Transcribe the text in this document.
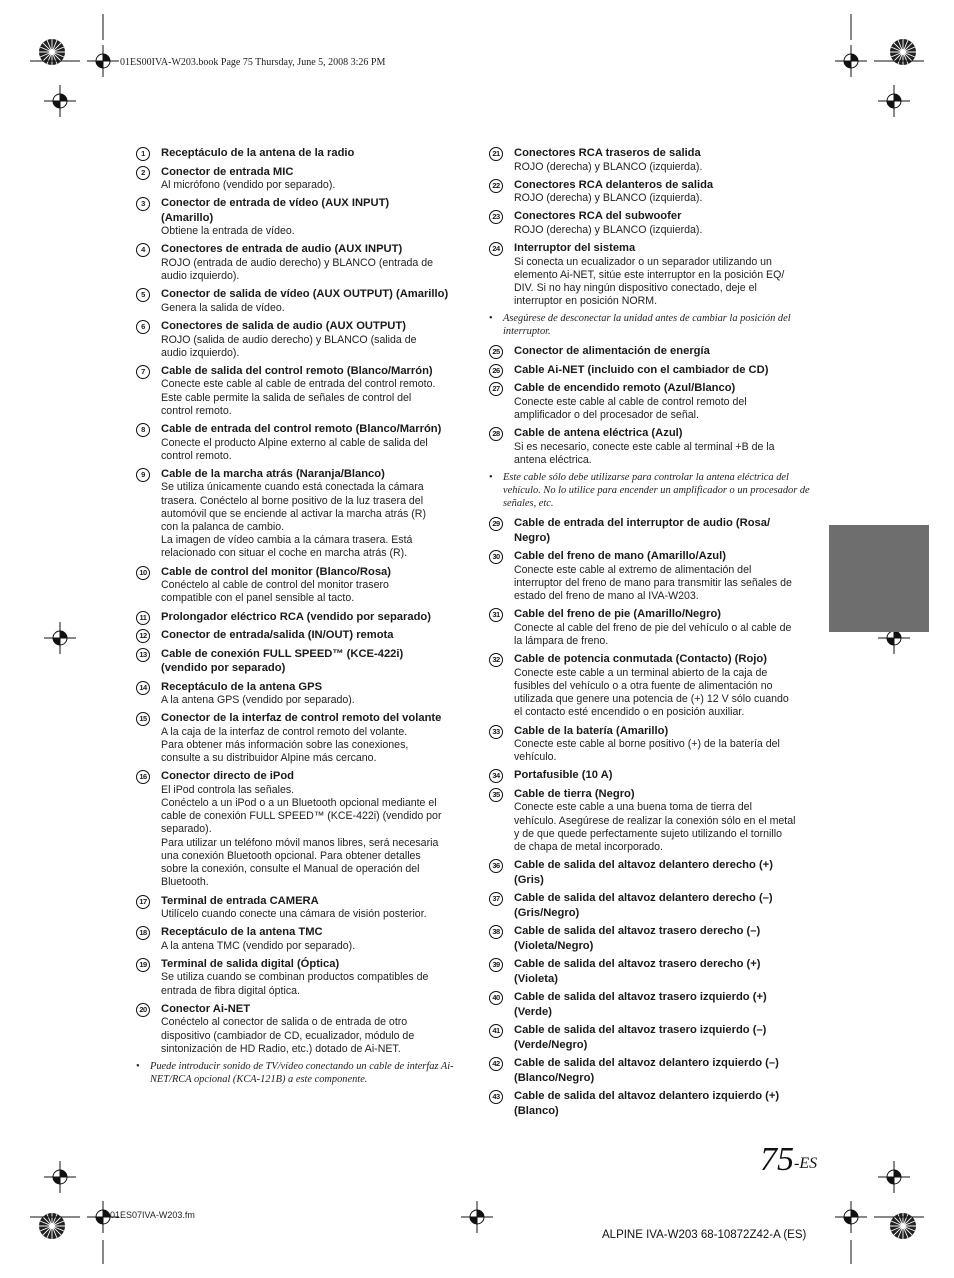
01ES00IVA-W203.book Page 75 Thursday, June 5, 2008 3:26 PM
1	Receptáculo de la antena de la radio
2	Conector de entrada MIC
Al micrófono (vendido por separado).
3	Conector de entrada de vídeo (AUX INPUT)
(Amarillo)
Obtiene la entrada de vídeo.
4	Conectores de entrada de audio (AUX INPUT)
ROJO (entrada de audio derecho) y BLANCO (entrada de
audio izquierdo).
5	Conector de salida de vídeo (AUX OUTPUT) (Amarillo)
Genera la salida de vídeo.
6	Conectores de salida de audio (AUX OUTPUT)
ROJO (salida de audio derecho) y BLANCO (salida de
audio izquierdo).
7	Cable de salida del control remoto (Blanco/Marrón)
Conecte este cable al cable de entrada del control remoto.
Este cable permite la salida de señales de control del
control remoto.
8	Cable de entrada del control remoto (Blanco/Marrón)
Conecte el producto Alpine externo al cable de salida del
control remoto.
9	Cable de la marcha atrás (Naranja/Blanco)
Se utiliza únicamente cuando está conectada la cámara
trasera. Conéctelo al borne positivo de la luz trasera del
automóvil que se enciende al activar la marcha atrás (R)
con la palanca de cambio.
La imagen de vídeo cambia a la cámara trasera. Está
relacionado con situar el coche en marcha atrás (R).
10 Cable de control del monitor (Blanco/Rosa)
Conéctelo al cable de control del monitor trasero
compatible con el panel sensible al tacto.
11	Prolongador eléctrico RCA (vendido por separado)
12 Conector de entrada/salida (IN/OUT) remota
13 Cable de conexión FULL SPEED™ (KCE-422i)
(vendido por separado)
14 Receptáculo de la antena GPS
A la antena GPS (vendido por separado).
15 Conector de la interfaz de control remoto del volante
A la caja de la interfaz de control remoto del volante.
Para obtener más información sobre las conexiones,
consulte a su distribuidor Alpine más cercano.
16 Conector directo de iPod
El iPod controla las señales.
Conéctelo a un iPod o a un Bluetooth opcional mediante el
cable de conexión FULL SPEED™ (KCE-422i) (vendido por
separado).
Para utilizar un teléfono móvil manos libres, será necesaria
una conexión Bluetooth opcional. Para obtener detalles
sobre la conexión, consulte el Manual de operación del
Bluetooth.
17 Terminal de entrada CAMERA
Utilícelo cuando conecte una cámara de visión posterior.
18 Receptáculo de la antena TMC
A la antena TMC (vendido por separado).
19 Terminal de salida digital (Óptica)
Se utiliza cuando se combinan productos compatibles de
entrada de fibra digital óptica.
20 Conector Ai-NET
Conéctelo al conector de salida o de entrada de otro
dispositivo (cambiador de CD, ecualizador, módulo de
sintonización de HD Radio, etc.) dotado de Ai-NET.
• Puede introducir sonido de TV/vídeo conectando un cable de interfaz Ai-NET/RCA opcional (KCA-121B) a este componente.
21 Conectores RCA traseros de salida
ROJO (derecha) y BLANCO (izquierda).
22 Conectores RCA delanteros de salida
ROJO (derecha) y BLANCO (izquierda).
23 Conectores RCA del subwoofer
ROJO (derecha) y BLANCO (izquierda).
24 Interruptor del sistema
Si conecta un ecualizador o un separador utilizando un
elemento Ai-NET, sitúe este interruptor en la posición EQ/
DIV. Si no hay ningún dispositivo conectado, deje el
interruptor en posición NORM.
• Asegúrese de desconectar la unidad antes de cambiar la posición del interruptor.
25 Conector de alimentación de energía
26 Cable Ai-NET (incluido con el cambiador de CD)
27 Cable de encendido remoto (Azul/Blanco)
Conecte este cable al cable de control remoto del
amplificador o del procesador de señal.
28 Cable de antena eléctrica (Azul)
Si es necesario, conecte este cable al terminal +B de la
antena eléctrica.
• Este cable sólo debe utilizarse para controlar la antena eléctrica del vehículo. No lo utilice para encender un amplificador o un procesador de señales, etc.
29 Cable de entrada del interruptor de audio (Rosa/
Negro)
30 Cable del freno de mano (Amarillo/Azul)
Conecte este cable al extremo de alimentación del
interruptor del freno de mano para transmitir las señales de
estado del freno de mano al IVA-W203.
31 Cable del freno de pie (Amarillo/Negro)
Conecte al cable del freno de pie del vehículo o al cable de
la lámpara de freno.
32 Cable de potencia conmutada (Contacto) (Rojo)
Conecte este cable a un terminal abierto de la caja de
fusibles del vehículo o a otra fuente de alimentación no
utilizada que genere una potencia de (+) 12 V sólo cuando
el contacto esté encendido o en posición auxiliar.
33 Cable de la batería (Amarillo)
Conecte este cable al borne positivo (+) de la batería del
vehículo.
34 Portafusible (10 A)
35 Cable de tierra (Negro)
Conecte este cable a una buena toma de tierra del
vehículo. Asegúrese de realizar la conexión sólo en el metal
y de que quede perfectamente sujeto utilizando el tornillo
de chapa de metal incorporado.
36 Cable de salida del altavoz delantero derecho (+)
(Gris)
37 Cable de salida del altavoz delantero derecho (–)
(Gris/Negro)
38 Cable de salida del altavoz trasero derecho (–)
(Violeta/Negro)
39 Cable de salida del altavoz trasero derecho (+)
(Violeta)
40 Cable de salida del altavoz trasero izquierdo (+)
(Verde)
41 Cable de salida del altavoz trasero izquierdo (–)
(Verde/Negro)
42 Cable de salida del altavoz delantero izquierdo (–)
(Blanco/Negro)
43 Cable de salida del altavoz delantero izquierdo (+)
(Blanco)
75 -ES
01ES07IVA-W203.fm
ALPINE IVA-W203 68-10872Z42-A (ES)
